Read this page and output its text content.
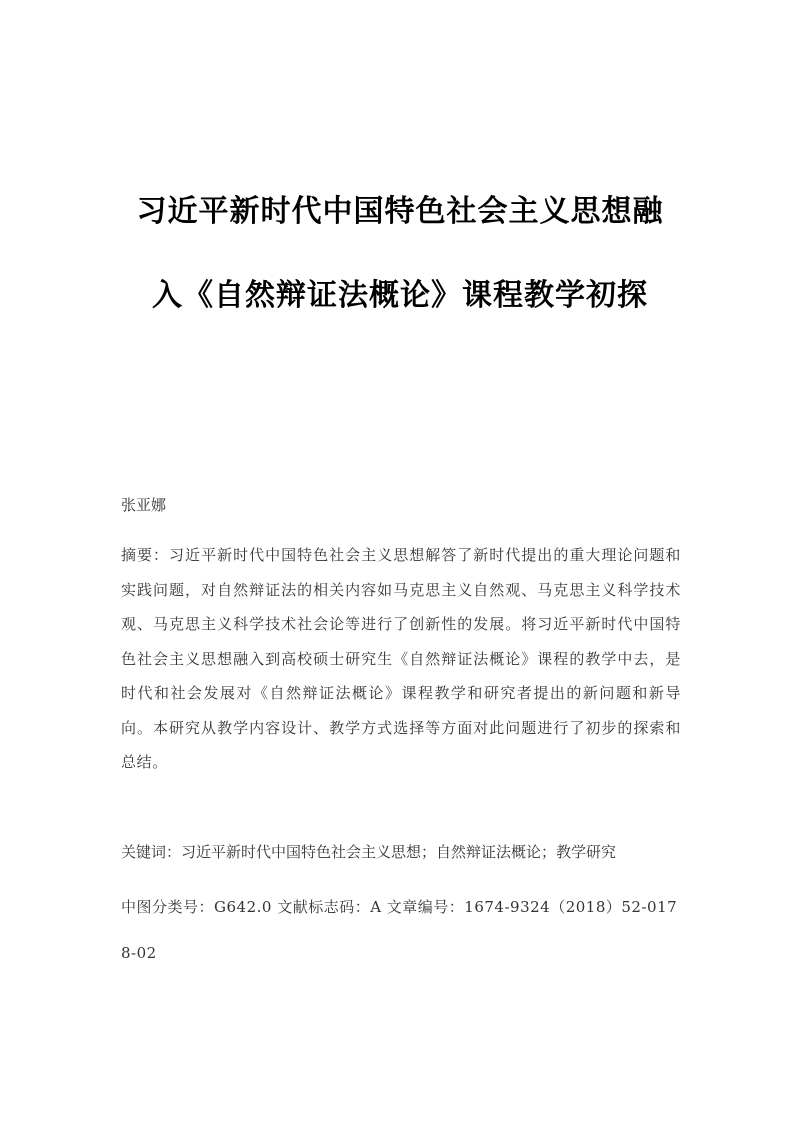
习近平新时代中国特色社会主义思想融
入《自然辩证法概论》课程教学初探
张亚娜
摘要：习近平新时代中国特色社会主义思想解答了新时代提出的重大理论问题和实践问题，对自然辩证法的相关内容如马克思主义自然观、马克思主义科学技术观、马克思主义科学技术社会论等进行了创新性的发展。将习近平新时代中国特色社会主义思想融入到高校硕士研究生《自然辩证法概论》课程的教学中去，是时代和社会发展对《自然辩证法概论》课程教学和研究者提出的新问题和新导向。本研究从教学内容设计、教学方式选择等方面对此问题进行了初步的探索和总结。
关键词：习近平新时代中国特色社会主义思想；自然辩证法概论；教学研究
中图分类号：G642.0 文献标志码：A 文章编号：1674-9324（2018）52-0178-02
